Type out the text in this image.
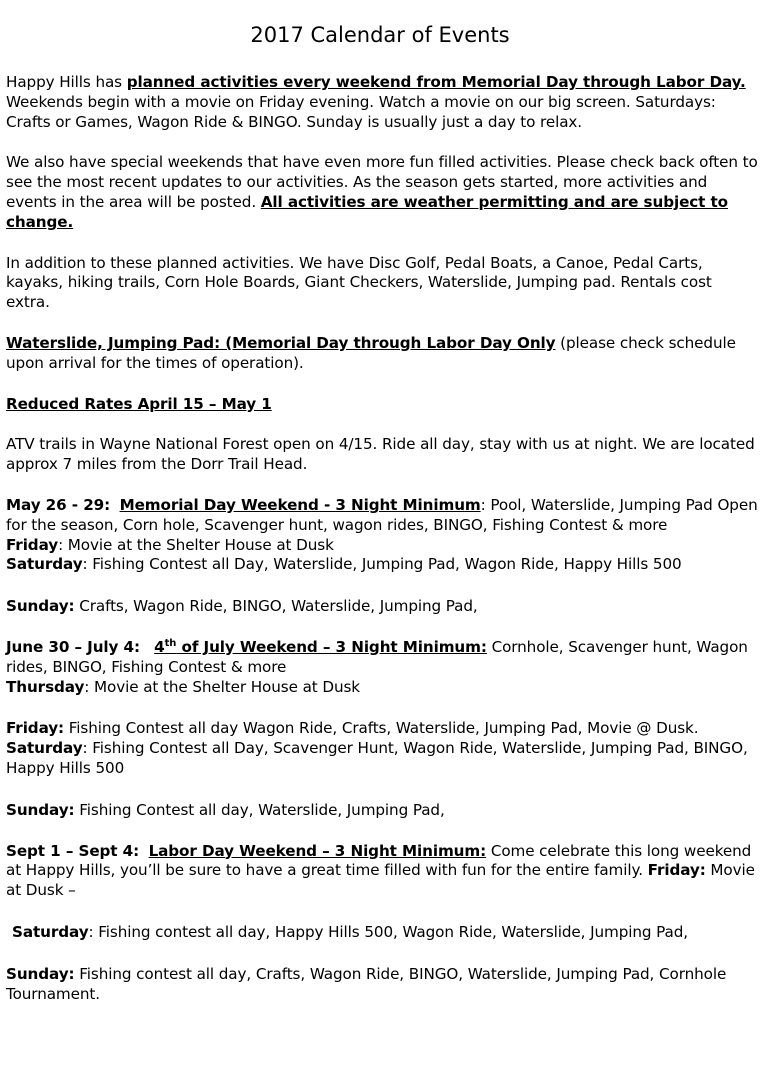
2017 Calendar of Events

Happy Hills has planned activities every weekend from Memorial Day through Labor Day. Weekends begin with a movie on Friday evening. Watch a movie on our big screen. Saturdays: Crafts or Games, Wagon Ride & BINGO. Sunday is usually just a day to relax.

We also have special weekends that have even more fun filled activities. Please check back often to see the most recent updates to our activities. As the season gets started, more activities and events in the area will be posted. All activities are weather permitting and are subject to change.

In addition to these planned activities. We have Disc Golf, Pedal Boats, a Canoe, Pedal Carts, kayaks, hiking trails, Corn Hole Boards, Giant Checkers, Waterslide, Jumping pad. Rentals cost extra.

Waterslide, Jumping Pad: (Memorial Day through Labor Day Only (please check schedule upon arrival for the times of operation).

Reduced Rates April 15 – May 1

ATV trails in Wayne National Forest open on 4/15. Ride all day, stay with us at night. We are located approx 7 miles from the Dorr Trail Head.

May 26 - 29: Memorial Day Weekend - 3 Night Minimum: Pool, Waterslide, Jumping Pad Open for the season, Corn hole, Scavenger hunt, wagon rides, BINGO, Fishing Contest & more

Friday: Movie at the Shelter House at Dusk

Saturday: Fishing Contest all Day, Waterslide, Jumping Pad, Wagon Ride, Happy Hills 500

Sunday: Crafts, Wagon Ride, BINGO, Waterslide, Jumping Pad,

June 30 – July 4: 4th of July Weekend – 3 Night Minimum: Cornhole, Scavenger hunt, Wagon rides, BINGO, Fishing Contest & more

Thursday: Movie at the Shelter House at Dusk

Friday: Fishing Contest all day Wagon Ride, Crafts, Waterslide, Jumping Pad, Movie @ Dusk.

Saturday: Fishing Contest all Day, Scavenger Hunt, Wagon Ride, Waterslide, Jumping Pad, BINGO, Happy Hills 500

Sunday: Fishing Contest all day, Waterslide, Jumping Pad,

Sept 1 – Sept 4: Labor Day Weekend – 3 Night Minimum: Come celebrate this long weekend at Happy Hills, you’ll be sure to have a great time filled with fun for the entire family. Friday: Movie at Dusk –

Saturday: Fishing contest all day, Happy Hills 500, Wagon Ride, Waterslide, Jumping Pad,

Sunday: Fishing contest all day, Crafts, Wagon Ride, BINGO, Waterslide, Jumping Pad, Cornhole Tournament.
